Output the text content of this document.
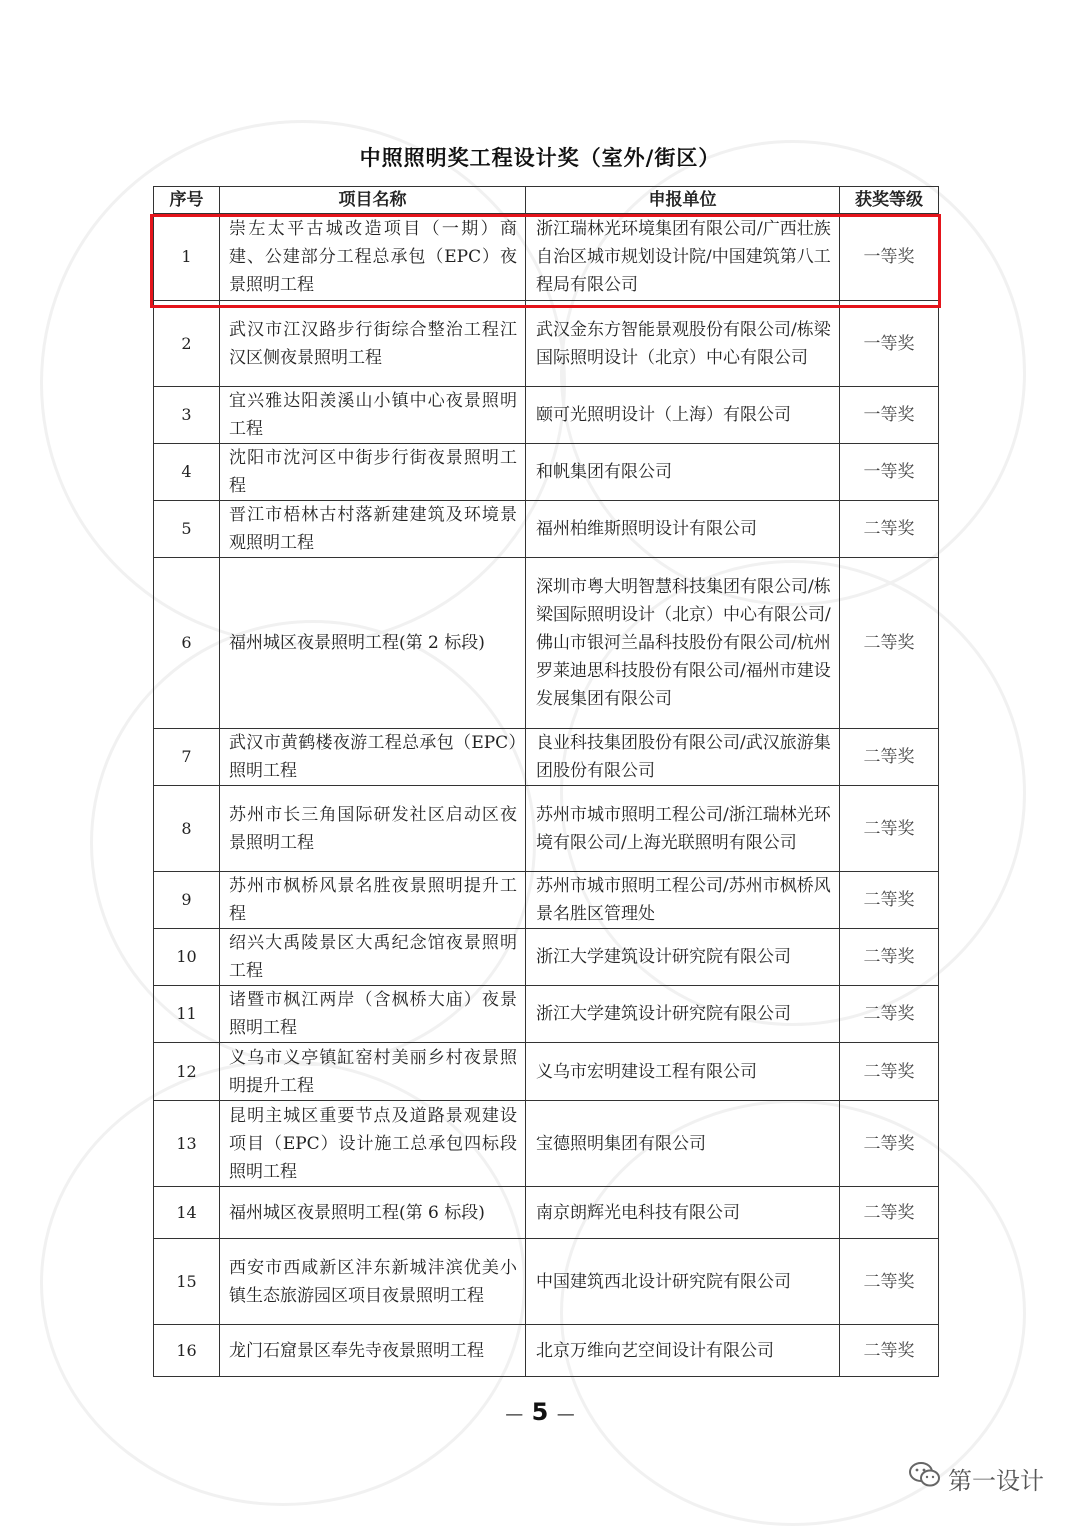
中照照明奖工程设计奖（室外/街区）
序号	项目名称	申报单位	获奖等级
1	崇左太平古城改造项目（一期）商建、公建部分工程总承包（EPC）夜景照明工程	浙江瑞林光环境集团有限公司/广西壮族自治区城市规划设计院/中国建筑第八工程局有限公司	一等奖
2	武汉市江汉路步行街综合整治工程江汉区侧夜景照明工程	武汉金东方智能景观股份有限公司/栋梁国际照明设计（北京）中心有限公司	一等奖
3	宜兴雅达阳羡溪山小镇中心夜景照明工程	颐可光照明设计（上海）有限公司	一等奖
4	沈阳市沈河区中街步行街夜景照明工程	和帆集团有限公司	一等奖
5	晋江市梧林古村落新建建筑及环境景观照明工程	福州柏维斯照明设计有限公司	二等奖
6	福州城区夜景照明工程(第 2 标段)	深圳市粤大明智慧科技集团有限公司/栋梁国际照明设计（北京）中心有限公司/佛山市银河兰晶科技股份有限公司/杭州罗莱迪思科技股份有限公司/福州市建设发展集团有限公司	二等奖
7	武汉市黄鹤楼夜游工程总承包（EPC）照明工程	良业科技集团股份有限公司/武汉旅游集团股份有限公司	二等奖
8	苏州市长三角国际研发社区启动区夜景照明工程	苏州市城市照明工程公司/浙江瑞林光环境有限公司/上海光联照明有限公司	二等奖
9	苏州市枫桥风景名胜夜景照明提升工程	苏州市城市照明工程公司/苏州市枫桥风景名胜区管理处	二等奖
10	绍兴大禹陵景区大禹纪念馆夜景照明工程	浙江大学建筑设计研究院有限公司	二等奖
11	诸暨市枫江两岸（含枫桥大庙）夜景照明工程	浙江大学建筑设计研究院有限公司	二等奖
12	义乌市义亭镇缸窑村美丽乡村夜景照明提升工程	义乌市宏明建设工程有限公司	二等奖
13	昆明主城区重要节点及道路景观建设项目（EPC）设计施工总承包四标段照明工程	宝德照明集团有限公司	二等奖
14	福州城区夜景照明工程(第 6 标段)	南京朗辉光电科技有限公司	二等奖
15	西安市西咸新区沣东新城沣滨优美小镇生态旅游园区项目夜景照明工程	中国建筑西北设计研究院有限公司	二等奖
16	龙门石窟景区奉先寺夜景照明工程	北京万维向艺空间设计有限公司	二等奖
— 5 —
第一设计
